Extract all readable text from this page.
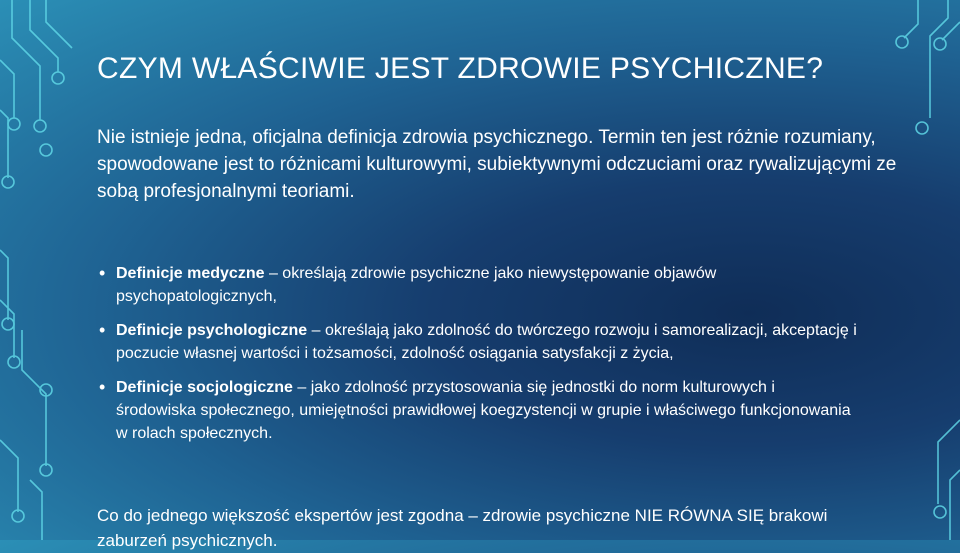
CZYM WŁAŚCIWIE JEST ZDROWIE PSYCHICZNE?

Nie istnieje jedna, oficjalna definicja zdrowia psychicznego. Termin ten jest różnie rozumiany, spowodowane jest to różnicami kulturowymi, subiektywnymi odczuciami oraz rywalizującymi ze sobą profesjonalnymi teoriami.

• Definicje medyczne – określają zdrowie psychiczne jako niewystępowanie objawów psychopatologicznych,
• Definicje psychologiczne – określają jako zdolność do twórczego rozwoju i samorealizacji, akceptację i poczucie własnej wartości i tożsamości, zdolność osiągania satysfakcji z życia,
• Definicje socjologiczne – jako zdolność przystosowania się jednostki do norm kulturowych i środowiska społecznego, umiejętności prawidłowej koegzystencji w grupie i właściwego funkcjonowania w rolach społecznych.

Co do jednego większość ekspertów jest zgodna – zdrowie psychiczne NIE RÓWNA SIĘ brakowi zaburzeń psychicznych.
